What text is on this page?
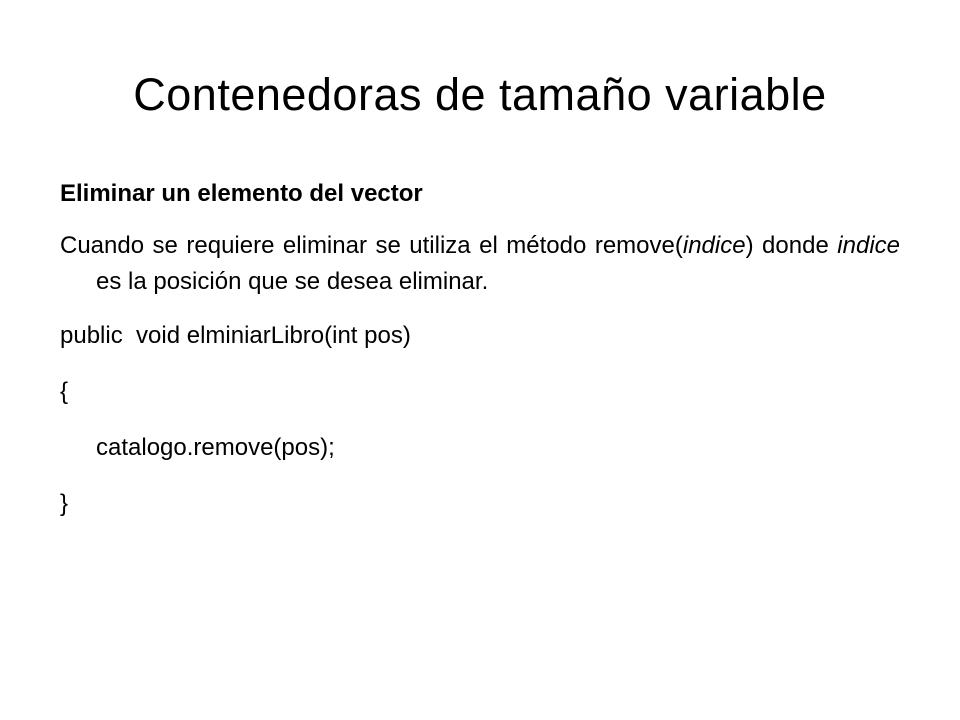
Contenedoras de tamaño variable

Eliminar un elemento del vector

Cuando se requiere eliminar se utiliza el método remove(indice) donde indice es la posición que se desea eliminar.

public  void elminiarLibro(int pos)

{

catalogo.remove(pos);

}
